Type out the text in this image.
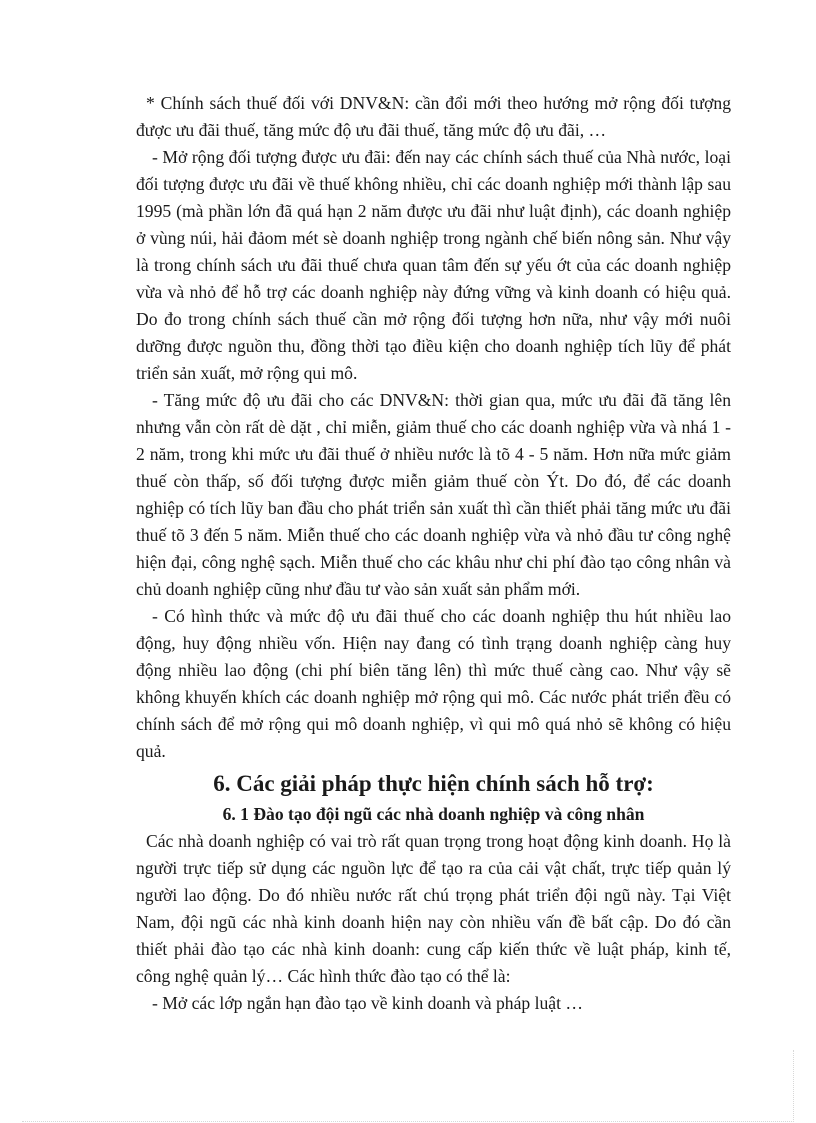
* Chính sách thuế đối với DNV&N: cần đổi mới theo hướng mở rộng đối tượng được ưu đãi thuế, tăng mức độ ưu đãi thuế, tăng mức độ ưu đãi, …

- Mở rộng đối tượng được ưu đãi: đến nay các chính sách thuế của Nhà nước, loại đối tượng được ưu đãi về thuế không nhiều, chỉ các doanh nghiệp mới thành lập sau 1995 (mà phần lớn đã quá hạn 2 năm được ưu đãi như luật định), các doanh nghiệp ở vùng núi, hải đảom mét sè doanh nghiệp trong ngành chế biến nông sản. Như vậy là trong chính sách ưu đãi thuế chưa quan tâm đến sự yếu ớt của các doanh nghiệp vừa và nhỏ để hỗ trợ các doanh nghiệp này đứng vững và kinh doanh có hiệu quả. Do đo trong chính sách thuế cần mở rộng đối tượng hơn nữa, như vậy mới nuôi dưỡng được nguồn thu, đồng thời tạo điều kiện cho doanh nghiệp tích lũy để phát triển sản xuất, mở rộng qui mô.

- Tăng mức độ ưu đãi cho các DNV&N: thời gian qua, mức ưu đãi đã tăng lên nhưng vẫn còn rất dè dặt , chỉ miễn, giảm thuế cho các doanh nghiệp vừa và nhá 1 - 2 năm, trong khi mức ưu đãi thuế ở nhiều nước là tõ 4 - 5 năm. Hơn nữa mức giảm thuế còn thấp, số đối tượng được miễn giảm thuế còn Ýt. Do đó, để các doanh nghiệp có tích lũy ban đầu cho phát triển sản xuất thì cần thiết phải tăng mức ưu đãi thuế tõ 3 đến 5 năm. Miễn thuế cho các doanh nghiệp vừa và nhỏ đầu tư công nghệ hiện đại, công nghệ sạch. Miễn thuế cho các khâu như chi phí đào tạo công nhân và chủ doanh nghiệp cũng như đầu tư vào sản xuất sản phẩm mới.

- Có hình thức và mức độ ưu đãi thuế cho các doanh nghiệp thu hút nhiều lao động, huy động nhiều vốn. Hiện nay đang có tình trạng doanh nghiệp càng huy động nhiều lao động (chi phí biên tăng lên) thì mức thuế càng cao. Như vậy sẽ không khuyến khích các doanh nghiệp mở rộng qui mô. Các nước phát triển đều có chính sách để mở rộng qui mô doanh nghiệp, vì qui mô quá nhỏ sẽ không có hiệu quả.

6. Các giải pháp thực hiện chính sách hỗ trợ:
6. 1 Đào tạo đội ngũ các nhà doanh nghiệp và công nhân

Các nhà doanh nghiệp có vai trò rất quan trọng trong hoạt động kinh doanh. Họ là người trực tiếp sử dụng các nguồn lực để tạo ra của cải vật chất, trực tiếp quản lý người lao động. Do đó nhiều nước rất chú trọng phát triển đội ngũ này. Tại Việt Nam, đội ngũ các nhà kinh doanh hiện nay còn nhiều vấn đề bất cập. Do đó cần thiết phải đào tạo các nhà kinh doanh: cung cấp kiến thức về luật pháp, kinh tế, công nghệ quản lý… Các hình thức đào tạo có thể là:

- Mở các lớp ngắn hạn đào tạo về kinh doanh và pháp luật …
